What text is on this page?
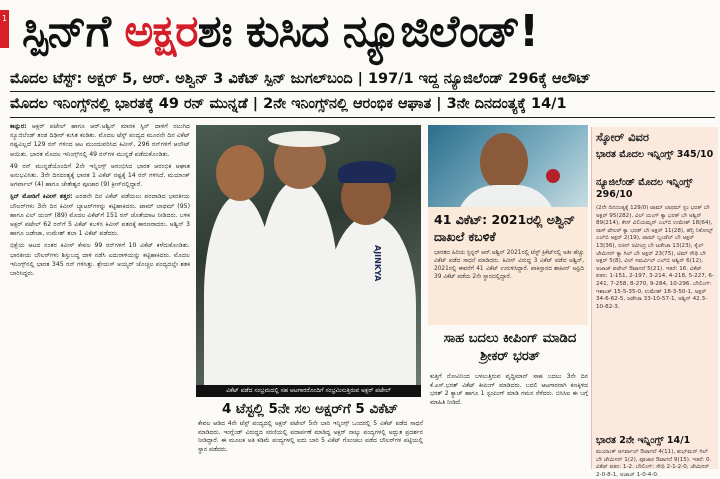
1 ಸ್ಪಿನ್‌ಗೆ ಅಕ್ಷರಶಃ ಕುಸಿದ ನ್ಯೂಜಿಲೆಂಡ್!
ಮೊದಲ ಟೆಸ್ಟ್: ಅಕ್ಷರ್ 5, ಆರ್. ಅಶ್ವಿನ್ 3 ವಿಕೆಟ್ ಸ್ಪಿನ್ ಜುಗಲ್‌ಬಂದಿ | 197/1 ಇದ್ದ ನ್ಯೂಜಿಲೆಂಡ್ 296ಕ್ಕೆ ಆಲೌಟ್
ಮೊದಲ ಇನಿಂಗ್ಸ್‌ನಲ್ಲಿ ಭಾರತಕ್ಕೆ 49 ರನ್ ಮುನ್ನಡೆ | 2ನೇ ಇನಿಂಗ್ಸ್‌ನಲ್ಲಿ ಆರಂಭಿಕ ಆಘಾತ | 3ನೇ ದಿನದಂತ್ಯಕ್ಕೆ 14/1

ಕಾನ್ಪುರ: ಆಕ್ಷರ್ ಪಟೇಲ್ ಹಾಗೂ ಆರ್.ಅಶ್ವಿನ್ ಮಾರಕ ಸ್ಪಿನ್ ದಾಳಿಗೆ ನಲುಗಿದ ನ್ಯೂಜಿಲೆಂಡ್ ತಂಡ ದಿಢೀರ್ ಕುಸಿತ ಕಂಡಿತು. ಮೊದಲ ಟೆಸ್ಟ್ ಪಂದ್ಯದ ಮೂರನೇ ದಿನ ವಿಕೆಟ್ ನಷ್ಟವಿಲ್ಲದೆ 129 ರನ್ ಗಳಿಂದ ಆಟ ಮುಂದುವರಿಸಿದ ಕಿವೀಸ್, 296 ರನ್‌ಗಳಿಗೆ ಆಲೌಟ್ ಆಯಿತು. ಭಾರತ ಮೊದಲ ಇನಿಂಗ್ಸ್‌ನಲ್ಲಿ 49 ರನ್‌ಗಳ ಮುನ್ನಡೆ ಪಡೆದುಕೊಂಡಿತು.

49 ರನ್ ಮುನ್ನಡೆಯೊಂದಿಗೆ 2ನೇ ಇನ್ನಿಂಗ್ಸ್ ಆರಂಭಿಸಿದ ಭಾರತ ಆರಂಭಿಕ ಆಘಾತ ಅನುಭವಿಸಿತು. 3ನೇ ದಿನದಂತ್ಯಕ್ಕೆ ಭಾರತ 1 ವಿಕೆಟ್ ನಷ್ಟಕ್ಕೆ 14 ರನ್ ಗಳಿಸಿದೆ. ಮಯಾಂಕ್ ಅಗರ್ವಾಲ್ (4) ಹಾಗೂ ಚೇತೇಶ್ವರ ಪೂಜಾರ (9) ಕ್ರೀಸ್‌ನಲ್ಲಿದ್ದಾರೆ.

ಸ್ಪಿನ್ ಮೋಡಿಗೆ ಕಿವೀಸ್ ತತ್ತರ: ಎರಡನೇ ದಿನ ವಿಕೆಟ್ ಪಡೆಯಲು ಪರದಾಡಿದ ಭಾರತೀಯ ಬೌಲರ್‌ಗಳು 3ನೇ ದಿನ ಕಿವೀಸ್ ಬ್ಯಾಟರ್‌ಗಳನ್ನು ಕಟ್ಟಿಹಾಕಿದರು. ಟಾಮ್ ಲಾಥಮ್ (95) ಹಾಗೂ ವಿಲ್ ಯಂಗ್ (89) ಮೊದಲ ವಿಕೆಟ್‌ಗೆ 151 ರನ್ ಜೊತೆಯಾಟ ನೀಡಿದರು. ಬಳಿಕ ಅಕ್ಷರ್ ಪಟೇಲ್ 62 ರನ್‌ಗೆ 5 ವಿಕೆಟ್ ಕಬಳಿಸಿ ಕಿವೀಸ್ ಪತನಕ್ಕೆ ಕಾರಣರಾದರು. ಅಶ್ವಿನ್ 3 ಹಾಗೂ ಜಡೇಜಾ, ಉಮೇಶ್ ತಲಾ 1 ವಿಕೆಟ್ ಪಡೆದರು.

ಭಿಕ್ಷೆಯ ಆಟದ ನಂತರ ಕಿವೀಸ್ ಕೇವಲ 99 ರನ್‌ಗಳಿಗೆ 10 ವಿಕೆಟ್ ಕಳೆದುಕೊಂಡಿತು. ಭಾರತೀಯ ಬೌಲರ್‌ಗಳು ಶಿಸ್ತುಬದ್ಧ ದಾಳಿ ನಡೆಸಿ ಎದುರಾಳಿಯನ್ನು ಕಟ್ಟಿಹಾಕಿದರು. ಮೊದಲ ಇನಿಂಗ್ಸ್‌ನಲ್ಲಿ ಭಾರತ 345 ರನ್ ಗಳಿಸಿತ್ತು. ಶ್ರೇಯಸ್ ಅಯ್ಯರ್ ಚೊಚ್ಚಲ ಪಂದ್ಯದಲ್ಲೇ ಶತಕ ಬಾರಿಸಿದ್ದರು.	AJINKYA
ವಿಕೆಟ್ ಪಡೆದ ಸಂಭ್ರಮದಲ್ಲಿ ಸಹ ಆಟಗಾರರೊಂದಿಗೆ ಸಂಭ್ರಮಿಸುತ್ತಿರುವ ಅಕ್ಷರ್ ಪಟೇಲ್
4 ಟೆಸ್ಟಲ್ಲಿ 5ನೇ ಸಲ ಅಕ್ಷರ್‌ಗೆ 5 ವಿಕೆಟ್
ಕೇವಲ ಆಡಿದ 4ನೇ ಟೆಸ್ಟ್ ಪಂದ್ಯದಲ್ಲಿ ಅಕ್ಷರ್ ಪಟೇಲ್ 5ನೇ ಬಾರಿ ಇನ್ನಿಂಗ್ಸ್ ಒಂದರಲ್ಲಿ 5 ವಿಕೆಟ್ ಪಡೆದ ಸಾಧನೆ ಮಾಡಿದರು. ಇಂಗ್ಲೆಂಡ್ ವಿರುದ್ಧದ ಸರಣಿಯಲ್ಲಿ ಪದಾರ್ಪಣೆ ಮಾಡಿದ್ದ ಅಕ್ಷರ್ ನಾಲ್ಕು ಪಂದ್ಯಗಳಲ್ಲಿ ಅದ್ಭುತ ಪ್ರದರ್ಶನ ನೀಡಿದ್ದಾರೆ. ಈ ಮೂಲಕ ಅತಿ ಕಡಿಮೆ ಪಂದ್ಯಗಳಲ್ಲಿ ಐದು ಬಾರಿ 5 ವಿಕೆಟ್ ಗೊಂಚಲು ಪಡೆದ ಬೌಲರ್‌ಗಳ ಪಟ್ಟಿಯಲ್ಲಿ ಸ್ಥಾನ ಪಡೆದರು.
41 ವಿಕೆಟ್: 2021ರಲ್ಲಿ ಅಶ್ವಿನ್ ದಾಖಲೆ ಕಬಳಿಕೆ
ಭಾರತದ ಹಿರಿಯ ಸ್ಪಿನ್ನರ್ ಆರ್.ಅಶ್ವಿನ್ 2021ರಲ್ಲಿ ಟೆಸ್ಟ್ ಕ್ರಿಕೆಟ್‌ನಲ್ಲಿ ಅತೀ ಹೆಚ್ಚು ವಿಕೆಟ್ ಪಡೆದ ಸಾಧನೆ ಮಾಡಿದರು. ಕಿವೀಸ್ ವಿರುದ್ಧ 3 ವಿಕೆಟ್ ಪಡೆದ ಅಶ್ವಿನ್, 2021ರಲ್ಲಿ ಈವರೆಗೆ 41 ವಿಕೆಟ್ ಉರುಳಿಸಿದ್ದಾರೆ. ಪಾಕಿಸ್ತಾನದ ಶಾಹೀನ್ ಅಫ್ರಿದಿ 39 ವಿಕೆಟ್ ಪಡೆದು 2ನೇ ಸ್ಥಾನದಲ್ಲಿದ್ದಾರೆ.
ಸಾಹ ಬದಲು ಕೀಪಿಂಗ್ ಮಾಡಿದ ಶ್ರೀಕರ್ ಭರತ್
ಕುತ್ತಿಗೆ ನೋವಿನಿಂದ ಬಳಲುತ್ತಿರುವ ವೃದ್ಧಿಮಾನ್ ಸಾಹ ಬದಲು 3ನೇ ದಿನ ಕೆ.ಎಸ್.ಭರತ್ ವಿಕೆಟ್ ಕೀಪಿಂಗ್ ಮಾಡಿದರು. ಬದಲಿ ಆಟಗಾರನಾಗಿ ಕಣಕ್ಕಿಳಿದ ಭರತ್ 2 ಕ್ಯಾಚ್ ಹಾಗೂ 1 ಸ್ಟಂಪಿಂಗ್ ಮಾಡಿ ಗಮನ ಸೆಳೆದರು. ಬಿಸಿಸಿಐ ಈ ಬಗ್ಗೆ ಮಾಹಿತಿ ನೀಡಿದೆ.
ಸ್ಕೋರ್ ವಿವರ
ಭಾರತ ಮೊದಲ ಇನ್ನಿಂಗ್ಸ್ 345/10
ನ್ಯೂಜಿಲೆಂಡ್ ಮೊದಲ ಇನ್ನಿಂಗ್ಸ್ 296/10
(2ನೇ ದಿನದಂತ್ಯಕ್ಕೆ 129/0) ಟಾಮ್ ಲಾಥಮ್ ಸ್ಟಂ ಭರತ್ ಬೌ ಅಕ್ಷರ್ 95(282), ವಿಲ್ ಯಂಗ್ ಕ್ಯಾ ಭರತ್ ಬೌ ಅಶ್ವಿನ್ 89(214), ಕೇನ್ ವಿಲಿಯಮ್ಸನ್ ಎಲ್‌ಬಿ ಉಮೇಶ್ 18(64), ರಾಸ್ ಟೇಲರ್ ಕ್ಯಾ ಭರತ್ ಬೌ ಅಕ್ಷರ್ 11(28), ಹೆನ್ರಿ ನಿಕೋಲ್ಸ್ ಎಲ್‌ಬಿ ಅಕ್ಷರ್ 2(19), ಟಾಮ್ ಬ್ಲಂಡೆಲ್ ಬೌ ಅಕ್ಷರ್ 13(36), ರಚಿನ್ ರವೀಂದ್ರ ಬೌ ಜಡೇಜಾ 13(23), ಕೈಲ್ ಜೇಮಿಸನ್ ಕ್ಯಾ ಗಿಲ್ ಬೌ ಅಕ್ಷರ್ 23(75), ಟಿಮ್ ಸೌಥಿ ಬೌ ಅಕ್ಷರ್ 5(8), ವಿಲ್ ಸಮರ್ವಿಲ್ ಎಲ್‌ಬಿ ಅಶ್ವಿನ್ 6(12), ಅಜಾಜ್ ಪಟೇಲ್ ಔಟಾಗದೆ 5(21). ಇತರೆ: 16. ವಿಕೆಟ್ ಪತನ: 1-151, 2-197, 3-214, 4-218, 5-227, 6-241, 7-258, 8-270, 9-284, 10-296. ಬೌಲಿಂಗ್: ಇಶಾಂತ್ 15-5-35-0, ಉಮೇಶ್ 18-3-50-1, ಅಕ್ಷರ್ 34-6-62-5, ಜಡೇಜಾ 33-10-57-1, ಅಶ್ವಿನ್ 42.3-10-82-3.
ಭಾರತ 2ನೇ ಇನ್ನಿಂಗ್ಸ್ 14/1
ಮಯಾಂಕ್ ಅಗರ್ವಾಲ್ ಔಟಾಗದೆ 4(11), ಶುಭ್‌ಮನ್ ಗಿಲ್ ಬೌ ಜೇಮಿಸನ್ 1(2), ಪೂಜಾರ ಔಟಾಗದೆ 9(15). ಇತರೆ: 0. ವಿಕೆಟ್ ಪತನ: 1-2. ಬೌಲಿಂಗ್: ಸೌಥಿ 2-1-2-0, ಜೇಮಿಸನ್ 2-0-8-1, ಅಜಾಜ್ 1-0-4-0.
